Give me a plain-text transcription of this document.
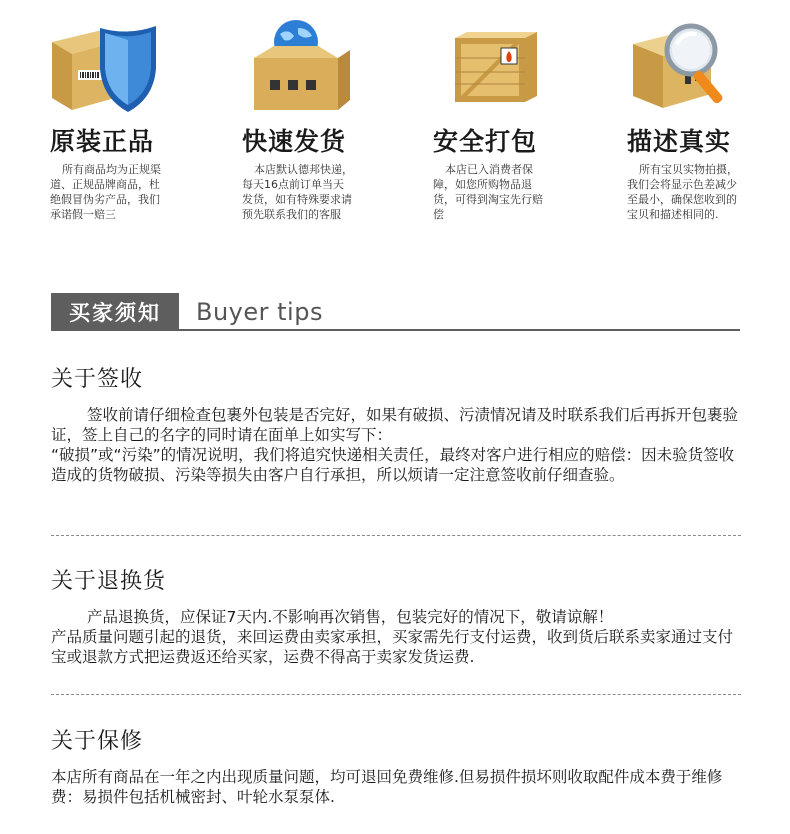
原装正品
所有商品均为正规渠道、正规品牌商品，杜绝假冒伪劣产品，我们承诺假一赔三
快速发货
本店默认德邦快递，每天16点前订单当天发货，如有特殊要求请预先联系我们的客服
安全打包
本店已入消费者保障，如您所购物品退货，可得到淘宝先行赔偿
描述真实
所有宝贝实物拍摄，我们会将显示色差减少至最小，确保您收到的宝贝和描述相同的.
买家须知	Buyer tips
关于签收

签收前请仔细检查包裹外包装是否完好，如果有破损、污渍情况请及时联系我们后再拆开包裹验证，签上自己的名字的同时请在面单上如实写下：

“破损”或“污染”的情况说明，我们将追究快递相关责任，最终对客户进行相应的赔偿：因未验货签收造成的货物破损、污染等损失由客户自行承担，所以烦请一定注意签收前仔细查验。

关于退换货

产品退换货，应保证7天内.不影响再次销售，包装完好的情况下，敬请谅解！

产品质量问题引起的退货，来回运费由卖家承担，买家需先行支付运费，收到货后联系卖家通过支付宝或退款方式把运费返还给买家，运费不得高于卖家发货运费.

关于保修

本店所有商品在一年之内出现质量问题，均可退回免费维修.但易损件损坏则收取配件成本费于维修费：易损件包括机械密封、叶轮水泵泵体.
